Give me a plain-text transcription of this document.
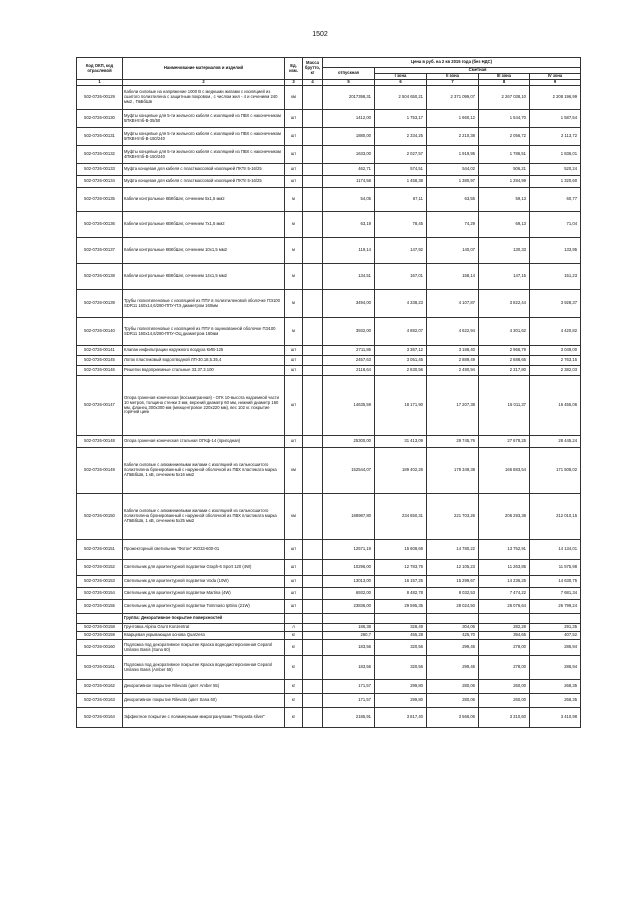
1502
Код ОКП, код отраслевой	Наименование материалов и изделий	Ед. изм.	Масса брутто, кг	Цена в руб. на 2 кв 2015 года (без НДС)				
				отпускная	Сметная			
					I зона	II зона	III зона	IV зона
1	2	3	4	5	6	7	8	9
502-0726-00129	Кабели силовые на напряжение 1000 В с медными жилами с изоляцией из сшитого полиэтилена с защитным покровом , с числом жил - 4 и сечением 240 мм2 , ПвБбШв	км		2017398,31	2 504 650,21	2 371 099,07	2 267 038,10	2 208 196,99
502-0726-00130	Муфты концевые для 5-ти жильного кабеля с изоляцией из ПВХ с наконечником 5ПКВНтпб-В-35/50	шт		1412,00	1 753,17	1 660,12	1 544,70	1 587,54
502-0726-00131	Муфты концевые для 5-ти жильного кабеля с изоляцией из ПВХ с наконечником 5ПКВНтпб-В-150/240	шт		1880,00	2 334,25	2 210,38	2 056,72	2 113,72
502-0726-00132	Муфты концевые для 5-ти жильного кабеля с изоляцией из ПВХ с наконечником 4ПКВНтпб-В-150/240	шт		1633,00	2 027,57	1 919,95	1 786,51	1 836,01
502-0726-00133	Муфта концевая для кабеля с пластмассовой изоляцией ПКТп 5-16/25	шт		462,71	574,51	544,02	506,21	520,24
502-0726-00134	Муфта концевая для кабеля с пластмассовой изоляцией ПКТп 5-16/25	шт		1174,58	1 458,38	1 380,97	1 284,99	1 320,60
502-0726-00135	Кабели контрольные КВКбШнг, сечением 5х1,5 мм2	м		54,05	67,11	63,55	59,13	60,77
502-0726-00136	Кабели контрольные КВКбШнг, сечением 7х1,5 мм2	м		63,19	78,45	74,29	69,13	71,04
502-0726-00137	Кабели контрольные КВКбШнг, сечением 10х1,5 мм2	м		119,14	147,92	140,07	130,33	133,95
502-0726-00138	Кабели контрольные КВКбШнг, сечением 14х1,5 мм2	м		134,51	167,01	158,14	147,15	151,23
502-0726-00139	Трубы полиэтиленовые с изоляцией из ППУ в полиэтиленовой оболочке ПЭ100 SDR11 160х14,6/280-ППУ-ПЭ диаметром 160мм	м		3494,00	4 338,23	4 107,87	3 822,44	3 928,37
502-0726-00140	Трубы полиэтиленовые с изоляцией из ППУ в оцинкованной оболочке ПЭ100 SDR11 160х14,6/280-ППУ-ОЦ диаметром 160мм	м		3932,00	4 882,07	4 622,94	4 301,62	4 420,82
502-0726-00141	Клапан инфильтрации наружного воздуха КИВ-125	шт		2711,86	3 367,12	3 188,40	2 966,79	3 049,00
502-0726-00145	Лоток пластиковый водоотводной ЛП-30.18,5.35,4	шт		2457,63	3 051,45	2 889,49	2 688,65	2 763,15
502-0726-00146	Решетки водоприемные стальные 33.37.3.100	шт		2118,64	2 630,56	2 490,94	2 317,80	2 382,03
502-0726-00147	Опора граненая коническая (восьмигранная) - ОГК 10-высота надземной части 10 метров, толщина стенки 3 мм, верхний диаметр 60 мм, нижний диаметр 160 мм, фланец 300х300 мм (межцентровое 220х220 мм), вес 102 кг. покрытие горячий цинк	шт		14635,59	18 171,90	17 207,38	16 011,37	16 455,06
502-0726-00148	Опора граненая коническая стальная ОГКф-14 (пригодная)	шт		25300,00	31 413,09	29 745,76	27 678,25	28 445,24
502-0726-00149	Кабели силовые с алюминиевыми жилами с изоляцией из сильносшитого полиэтилена бронированный с наружной оболочкой из ПВХ пластиката марка АПвБбШв, 1 кВ, сечением 5х16 мм2	км		152544,07	189 402,26	179 349,38	166 883,54	171 508,02
502-0726-00150	Кабели силовые с алюминиевыми жилами с изоляцией из сильносшитого полиэтилена бронированный с наружной оболочкой из ПВХ пластиката марка АПвБбШв, 1 кВ, сечением 5х25 мм2	км		188987,80	234 650,31	221 703,26	206 293,38	212 010,15
502-0726-00151	Прожекторный светильник "Фотон" ЖО33-600-01	шт		12571,19	15 608,68	14 780,22	13 752,91	14 134,01
502-0726-00152	Светильник для архитектурной подсветки Graph-6 Sport 120 (4W)	шт		10296,00	12 783,76	12 105,23	11 263,85	11 575,98
502-0726-00153	Светильник для архитектурной подсветки Voda (10W)	шт		13013,00	16 157,25	15 299,67	14 236,25	14 630,75
502-0726-00154	Светильник для архитектурной подсветки Martina (4W)	шт		6932,00	8 482,78	8 032,53	7 474,22	7 681,34
502-0726-00155	Светильник для архитектурной подсветки Tommaso Ipttino (21W)	шт		23836,00	29 595,35	28 024,50	26 076,64	26 799,24
	Группа: Декоративное покрытие поверхностей							
502-0726-00158	Грунтовка Alpina Grunt Konzentrat	л		186,38	328,49	304,06	282,28	291,35
502-0726-00159	Кварцевая укрывающая основа Quarzeso	кг		260,7	455,28	425,70	394,65	407,52
502-0726-00160	Подложка под декоративное покрытие Краска воднодисперсионная Ceparol Unilatex Basis (Sana 60)	кг		183,56	320,56	299,46	278,00	286,94
503-0726-00161	Подложка под декоративное покрытие Краска воднодисперсионная Ceparol Unilatex Basis (Amber 55)	кг		183,56	320,56	299,46	278,00	286,94
502-0726-00162	Декоративное покрытие Rilevato (цвет Amber 55)	кг		171,57	299,80	280,06	260,00	268,35
502-0726-00163	Декоративное покрытие Rilevato (цвет Sana 60)	кг		171,57	299,80	280,06	260,00	268,35
502-0726-00164	Эффектное покрытие с полимерными микрогранулами "Tempasta silver"	кг		2185,91	3 817,40	3 566,06	3 310,60	3 410,98
